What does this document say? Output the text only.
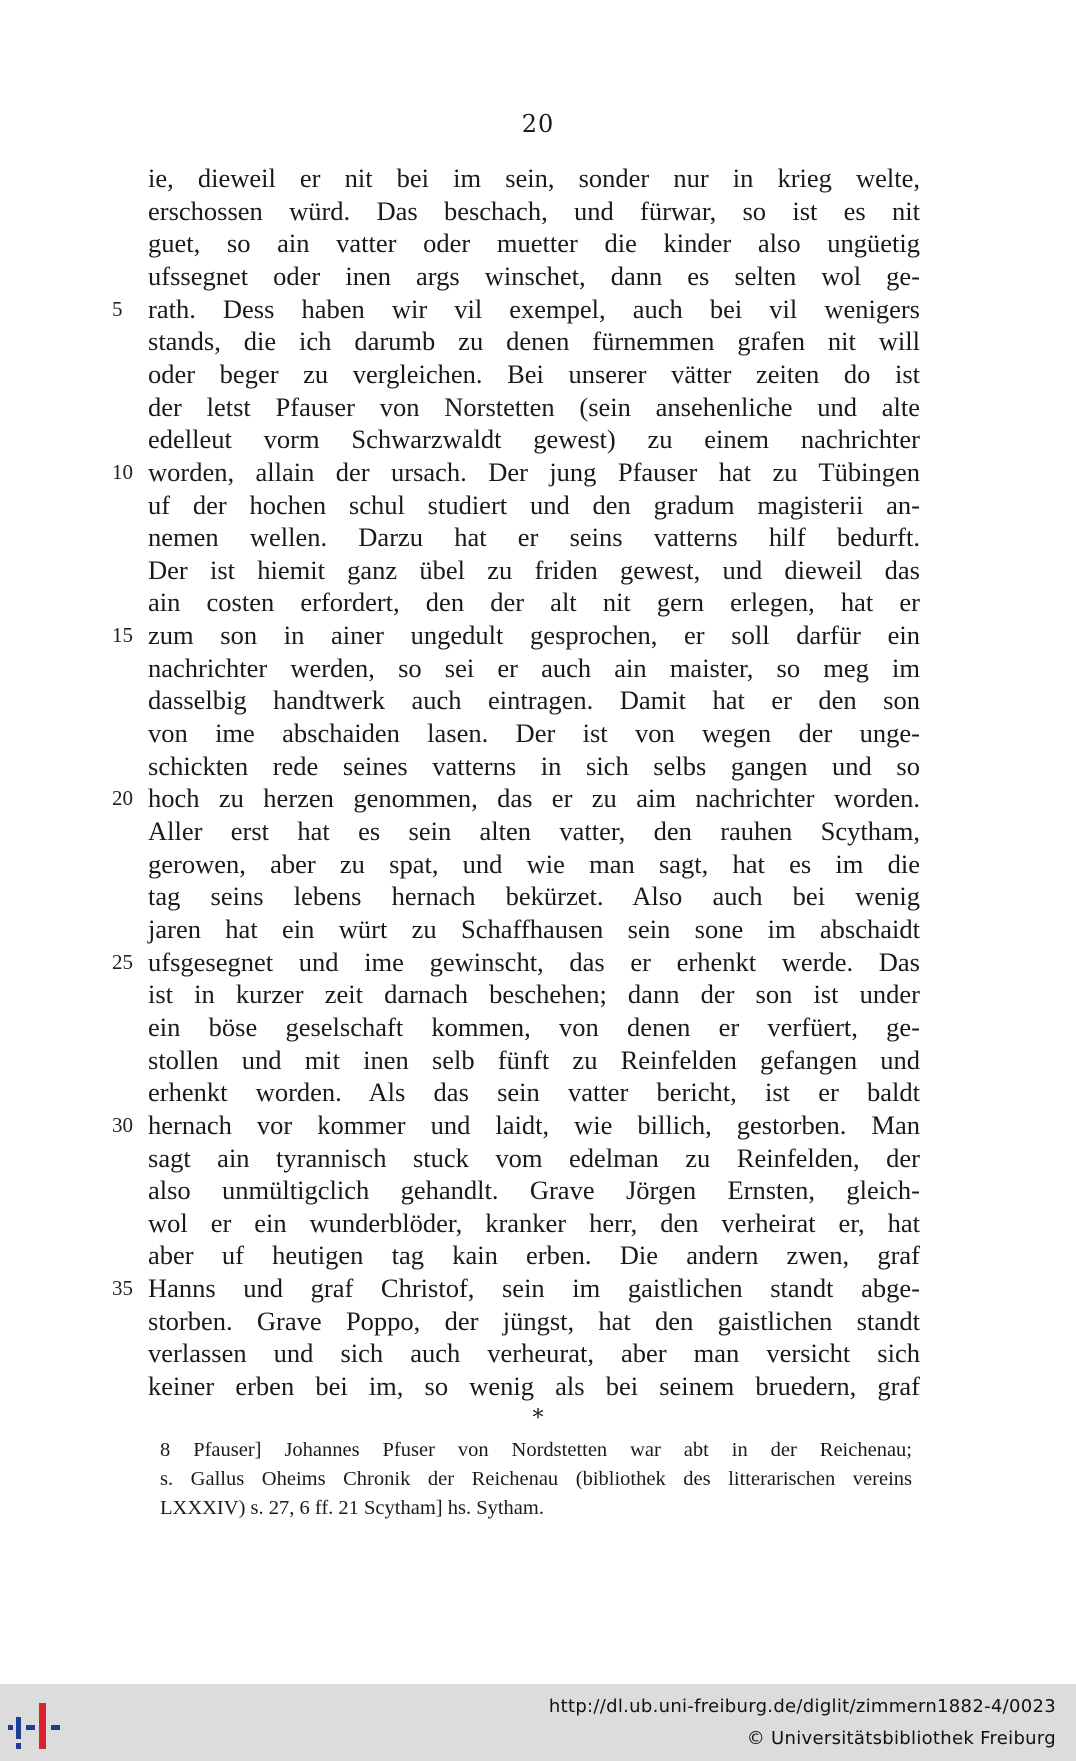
20
ie, dieweil er nit bei im sein, sonder nur in krieg welte,
erschossen würd. Das beschach, und fürwar, so ist es nit
guet, so ain vatter oder muetter die kinder also ungüetig
ufssegnet oder inen args winschet, dann es selten wol ge-
rath. Dess haben wir vil exempel, auch bei vil wenigers
5
stands, die ich darumb zu denen fürnemmen grafen nit will
oder beger zu vergleichen. Bei unserer vätter zeiten do ist
der letst Pfauser von Norstetten (sein ansehenliche und alte
edelleut vorm Schwarzwaldt gewest) zu einem nachrichter
worden, allain der ursach. Der jung Pfauser hat zu Tübingen
10
uf der hochen schul studiert und den gradum magisterii an-
nemen wellen. Darzu hat er seins vatterns hilf bedurft.
Der ist hiemit ganz übel zu friden gewest, und dieweil das
ain costen erfordert, den der alt nit gern erlegen, hat er
zum son in ainer ungedult gesprochen, er soll darfür ein
15
nachrichter werden, so sei er auch ain maister, so meg im
dasselbig handtwerk auch eintragen. Damit hat er den son
von ime abschaiden lasen. Der ist von wegen der unge-
schickten rede seines vatterns in sich selbs gangen und so
hoch zu herzen genommen, das er zu aim nachrichter worden.
20
Aller erst hat es sein alten vatter, den rauhen Scytham,
gerowen, aber zu spat, und wie man sagt, hat es im die
tag seins lebens hernach bekürzet. Also auch bei wenig
jaren hat ein würt zu Schaffhausen sein sone im abschaidt
ufsgesegnet und ime gewinscht, das er erhenkt werde. Das
25
ist in kurzer zeit darnach beschehen; dann der son ist under
ein böse geselschaft kommen, von denen er verfüert, ge-
stollen und mit inen selb fünft zu Reinfelden gefangen und
erhenkt worden. Als das sein vatter bericht, ist er baldt
hernach vor kommer und laidt, wie billich, gestorben. Man
30
sagt ain tyrannisch stuck vom edelman zu Reinfelden, der
also unmültigclich gehandlt. Grave Jörgen Ernsten, gleich-
wol er ein wunderblöder, kranker herr, den verheirat er, hat
aber uf heutigen tag kain erben. Die andern zwen, graf
Hanns und graf Christof, sein im gaistlichen standt abge-
35
storben. Grave Poppo, der jüngst, hat den gaistlichen standt
verlassen und sich auch verheurat, aber man versicht sich
keiner erben bei im, so wenig als bei seinem bruedern, graf
*
8 Pfauser] Johannes Pfuser von Nordstetten war abt in der Reichenau;
s. Gallus Oheims Chronik der Reichenau (bibliothek des litterarischen vereins
LXXXIV) s. 27, 6 ff. 21 Scytham] hs. Sytham.
http://dl.ub.uni-freiburg.de/diglit/zimmern1882-4/0023
© Universitätsbibliothek Freiburg
